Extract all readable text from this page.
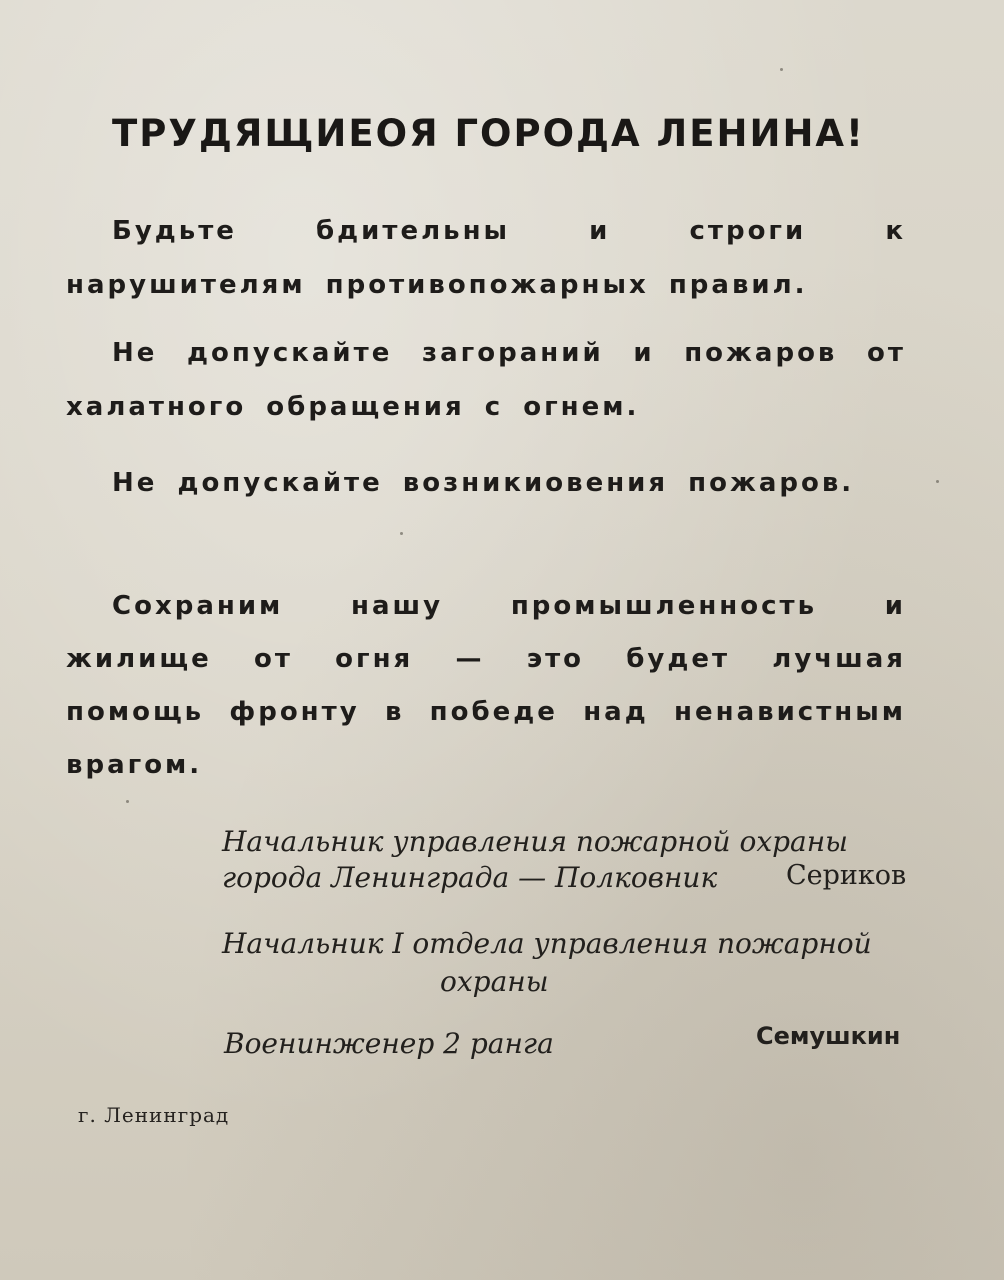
ТРУДЯЩИЕОЯ ГОРОДА ЛЕНИНА!

Будьте бдительны и строги к нарушителям противопожарных правил.

Не допускайте загораний и пожаров от халатного обращения с огнем.

Не допускайте возникиовения пожаров.

Сохраним нашу промышленность и жилище от огня — это будет лучшая помощь фронту в победе над ненавистным врагом.

Начальник управления пожарной охраны
города Ленинграда — Полковник	Сериков
Начальник I отдела управления пожарной
охраны
Военинженер 2 ранга	Семушкин
г. Ленинград
